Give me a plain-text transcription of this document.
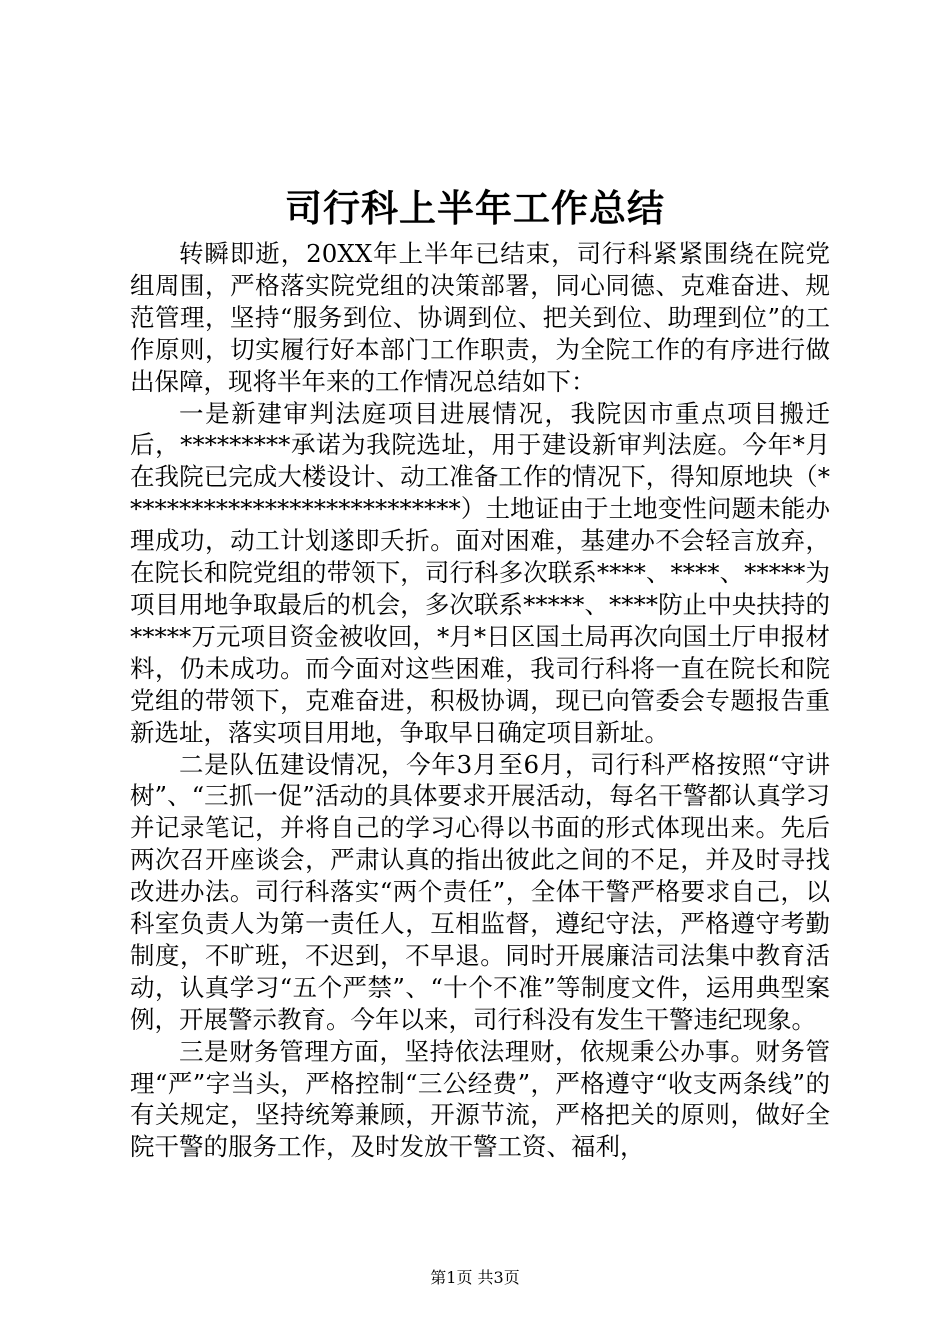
司行科上半年工作总结

转瞬即逝，20XX年上半年已结束，司行科紧紧围绕在院党组周围，严格落实院党组的决策部署，同心同德、克难奋进、规范管理，坚持“服务到位、协调到位、把关到位、助理到位”的工作原则，切实履行好本部门工作职责，为全院工作的有序进行做出保障，现将半年来的工作情况总结如下：

一是新建审判法庭项目进展情况，我院因市重点项目搬迁后，*********承诺为我院选址，用于建设新审判法庭。今年*月在我院已完成大楼设计、动工准备工作的情况下，得知原地块（****************************）土地证由于土地变性问题未能办理成功，动工计划遂即夭折。面对困难，基建办不会轻言放弃，在院长和院党组的带领下，司行科多次联系****、****、*****为项目用地争取最后的机会，多次联系*****、****防止中央扶持的*****万元项目资金被收回，*月*日区国土局再次向国土厅申报材料，仍未成功。而今面对这些困难，我司行科将一直在院长和院党组的带领下，克难奋进，积极协调，现已向管委会专题报告重新选址，落实项目用地，争取早日确定项目新址。

二是队伍建设情况，今年3月至6月，司行科严格按照“守讲树”、“三抓一促”活动的具体要求开展活动，每名干警都认真学习并记录笔记，并将自己的学习心得以书面的形式体现出来。先后两次召开座谈会，严肃认真的指出彼此之间的不足，并及时寻找改进办法。司行科落实“两个责任”，全体干警严格要求自己，以科室负责人为第一责任人，互相监督，遵纪守法，严格遵守考勤制度，不旷班，不迟到，不早退。同时开展廉洁司法集中教育活动，认真学习“五个严禁”、“十个不准”等制度文件，运用典型案例，开展警示教育。今年以来，司行科没有发生干警违纪现象。

三是财务管理方面，坚持依法理财，依规秉公办事。财务管理“严”字当头，严格控制“三公经费”，严格遵守“收支两条线”的有关规定，坚持统筹兼顾，开源节流，严格把关的原则，做好全院干警的服务工作，及时发放干警工资、福利，

第1页 共3页
